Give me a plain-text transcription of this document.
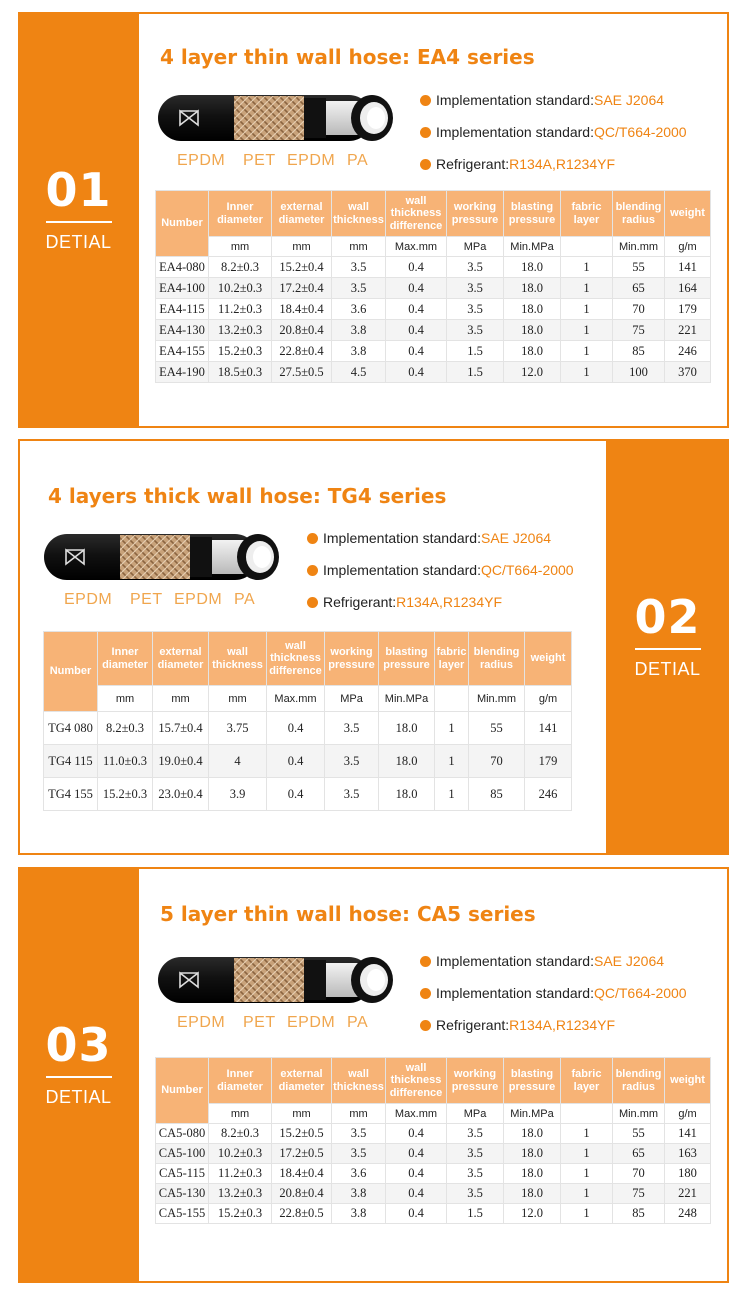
01
DETIAL
4 layer thin wall hose: EA4 series
EPDM PET EPDM PA
Implementation standard: SAE J2064
Implementation standard: QC/T664-2000
Refrigerant: R134A,R1234YF
Number	Inner diameter	external diameter	wall thickness	wall thickness difference	working pressure	blasting pressure	fabric layer	blending radius	weight
	mm	mm	mm	Max.mm	MPa	Min.MPa		Min.mm	g/m
EA4-080	8.2±0.3	15.2±0.4	3.5	0.4	3.5	18.0	1	55	141
EA4-100	10.2±0.3	17.2±0.4	3.5	0.4	3.5	18.0	1	65	164
EA4-115	11.2±0.3	18.4±0.4	3.6	0.4	3.5	18.0	1	70	179
EA4-130	13.2±0.3	20.8±0.4	3.8	0.4	3.5	18.0	1	75	221
EA4-155	15.2±0.3	22.8±0.4	3.8	0.4	1.5	18.0	1	85	246
EA4-190	18.5±0.3	27.5±0.5	4.5	0.4	1.5	12.0	1	100	370
02
DETIAL
4 layers thick wall hose: TG4 series
EPDM PET EPDM PA
Implementation standard: SAE J2064
Implementation standard: QC/T664-2000
Refrigerant: R134A,R1234YF
Number	Inner diameter	external diameter	wall thickness	wall thickness difference	working pressure	blasting pressure	fabric layer	blending radius	weight
	mm	mm	mm	Max.mm	MPa	Min.MPa		Min.mm	g/m
TG4 080	8.2±0.3	15.7±0.4	3.75	0.4	3.5	18.0	1	55	141
TG4 115	11.0±0.3	19.0±0.4	4	0.4	3.5	18.0	1	70	179
TG4 155	15.2±0.3	23.0±0.4	3.9	0.4	3.5	18.0	1	85	246
03
DETIAL
5 layer thin wall hose: CA5 series
EPDM PET EPDM PA
Implementation standard: SAE J2064
Implementation standard: QC/T664-2000
Refrigerant: R134A,R1234YF
Number	Inner diameter	external diameter	wall thickness	wall thickness difference	working pressure	blasting pressure	fabric layer	blending radius	weight
	mm	mm	mm	Max.mm	MPa	Min.MPa		Min.mm	g/m
CA5-080	8.2±0.3	15.2±0.5	3.5	0.4	3.5	18.0	1	55	141
CA5-100	10.2±0.3	17.2±0.5	3.5	0.4	3.5	18.0	1	65	163
CA5-115	11.2±0.3	18.4±0.4	3.6	0.4	3.5	18.0	1	70	180
CA5-130	13.2±0.3	20.8±0.4	3.8	0.4	3.5	18.0	1	75	221
CA5-155	15.2±0.3	22.8±0.5	3.8	0.4	1.5	12.0	1	85	248
